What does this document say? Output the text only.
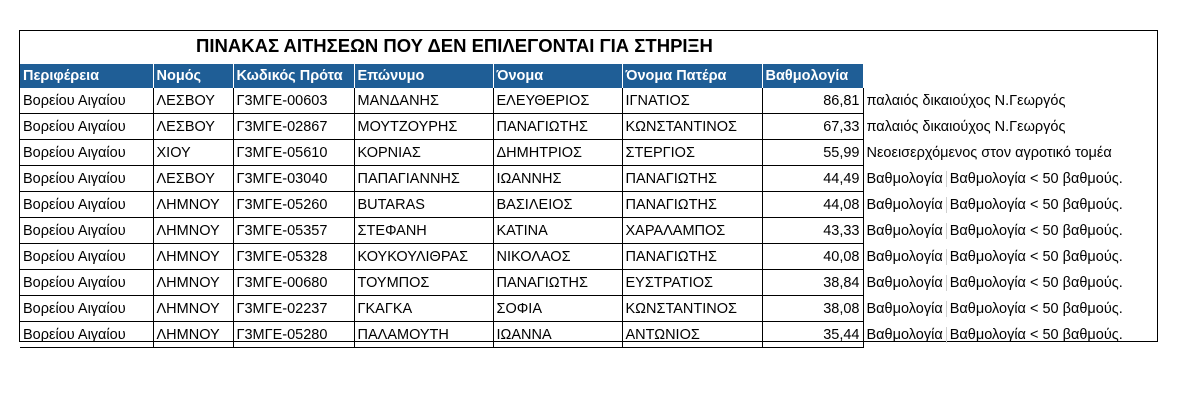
ΠΙΝΑΚΑΣ ΑΙΤΗΣΕΩΝ ΠΟΥ ΔΕΝ ΕΠΙΛΕΓΟΝΤΑΙ ΓΙΑ ΣΤΗΡΙΞΗ
Περιφέρεια	Νομός	Κωδικός Πρότα	Επώνυμο	Όνομα	Όνομα Πατέρα	Βαθμολογία	
Βορείου Αιγαίου	ΛΕΣΒΟΥ	Γ3ΜΓΕ-00603	ΜΑΝΔΑΝΗΣ	ΕΛΕΥΘΕΡΙΟΣ	ΙΓΝΑΤΙΟΣ	86,81	παλαιός δικαιούχος Ν.Γεωργός
Βορείου Αιγαίου	ΛΕΣΒΟΥ	Γ3ΜΓΕ-02867	ΜΟΥΤΖΟΥΡΗΣ	ΠΑΝΑΓΙΩΤΗΣ	ΚΩΝΣΤΑΝΤΙΝΟΣ	67,33	παλαιός δικαιούχος Ν.Γεωργός
Βορείου Αιγαίου	ΧΙΟΥ	Γ3ΜΓΕ-05610	ΚΟΡΝΙΑΣ	ΔΗΜΗΤΡΙΟΣ	ΣΤΕΡΓΙΟΣ	55,99	Νεοεισερχόμενος στον αγροτικό τομέα
Βορείου Αιγαίου	ΛΕΣΒΟΥ	Γ3ΜΓΕ-03040	ΠΑΠΑΓΙΑΝΝΗΣ	ΙΩΑΝΝΗΣ	ΠΑΝΑΓΙΩΤΗΣ	44,49	Βαθμολογία Βαθμολογία < 50 βαθμούς.
Βορείου Αιγαίου	ΛΗΜΝΟΥ	Γ3ΜΓΕ-05260	BUTARAS	ΒΑΣΙΛΕΙΟΣ	ΠΑΝΑΓΙΩΤΗΣ	44,08	Βαθμολογία Βαθμολογία < 50 βαθμούς.
Βορείου Αιγαίου	ΛΗΜΝΟΥ	Γ3ΜΓΕ-05357	ΣΤΕΦΑΝΗ	ΚΑΤΙΝΑ	ΧΑΡΑΛΑΜΠΟΣ	43,33	Βαθμολογία Βαθμολογία < 50 βαθμούς.
Βορείου Αιγαίου	ΛΗΜΝΟΥ	Γ3ΜΓΕ-05328	ΚΟΥΚΟΥΛΙΘΡΑΣ	ΝΙΚΟΛΑΟΣ	ΠΑΝΑΓΙΩΤΗΣ	40,08	Βαθμολογία Βαθμολογία < 50 βαθμούς.
Βορείου Αιγαίου	ΛΗΜΝΟΥ	Γ3ΜΓΕ-00680	ΤΟΥΜΠΟΣ	ΠΑΝΑΓΙΩΤΗΣ	ΕΥΣΤΡΑΤΙΟΣ	38,84	Βαθμολογία Βαθμολογία < 50 βαθμούς.
Βορείου Αιγαίου	ΛΗΜΝΟΥ	Γ3ΜΓΕ-02237	ΓΚΑΓΚΑ	ΣΟΦΙΑ	ΚΩΝΣΤΑΝΤΙΝΟΣ	38,08	Βαθμολογία Βαθμολογία < 50 βαθμούς.
Βορείου Αιγαίου	ΛΗΜΝΟΥ	Γ3ΜΓΕ-05280	ΠΑΛΑΜΟΥΤΗ	ΙΩΑΝΝΑ	ΑΝΤΩΝΙΟΣ	35,44	Βαθμολογία Βαθμολογία < 50 βαθμούς.
